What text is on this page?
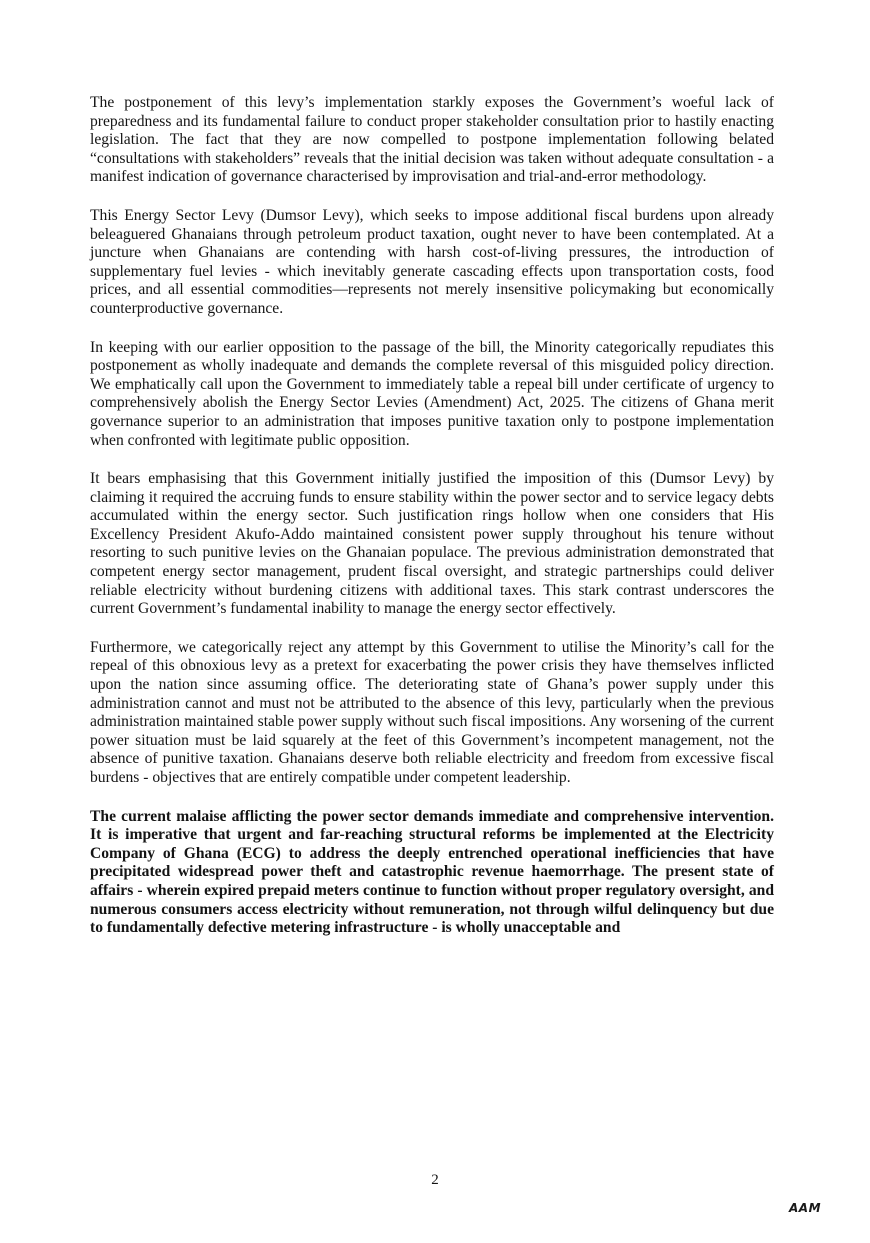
The postponement of this levy’s implementation starkly exposes the Government’s woeful lack of preparedness and its fundamental failure to conduct proper stakeholder consultation prior to hastily enacting legislation. The fact that they are now compelled to postpone implementation following belated “consultations with stakeholders” reveals that the initial decision was taken without adequate consultation - a manifest indication of governance characterised by improvisation and trial-and-error methodology.

This Energy Sector Levy (Dumsor Levy), which seeks to impose additional fiscal burdens upon already beleaguered Ghanaians through petroleum product taxation, ought never to have been contemplated. At a juncture when Ghanaians are contending with harsh cost-of-living pressures, the introduction of supplementary fuel levies - which inevitably generate cascading effects upon transportation costs, food prices, and all essential commodities—represents not merely insensitive policymaking but economically counterproductive governance.

In keeping with our earlier opposition to the passage of the bill, the Minority categorically repudiates this postponement as wholly inadequate and demands the complete reversal of this misguided policy direction. We emphatically call upon the Government to immediately table a repeal bill under certificate of urgency to comprehensively abolish the Energy Sector Levies (Amendment) Act, 2025. The citizens of Ghana merit governance superior to an administration that imposes punitive taxation only to postpone implementation when confronted with legitimate public opposition.

It bears emphasising that this Government initially justified the imposition of this (Dumsor Levy) by claiming it required the accruing funds to ensure stability within the power sector and to service legacy debts accumulated within the energy sector. Such justification rings hollow when one considers that His Excellency President Akufo-Addo maintained consistent power supply throughout his tenure without resorting to such punitive levies on the Ghanaian populace. The previous administration demonstrated that competent energy sector management, prudent fiscal oversight, and strategic partnerships could deliver reliable electricity without burdening citizens with additional taxes. This stark contrast underscores the current Government’s fundamental inability to manage the energy sector effectively.

Furthermore, we categorically reject any attempt by this Government to utilise the Minority’s call for the repeal of this obnoxious levy as a pretext for exacerbating the power crisis they have themselves inflicted upon the nation since assuming office. The deteriorating state of Ghana’s power supply under this administration cannot and must not be attributed to the absence of this levy, particularly when the previous administration maintained stable power supply without such fiscal impositions. Any worsening of the current power situation must be laid squarely at the feet of this Government’s incompetent management, not the absence of punitive taxation. Ghanaians deserve both reliable electricity and freedom from excessive fiscal burdens - objectives that are entirely compatible under competent leadership.

The current malaise afflicting the power sector demands immediate and comprehensive intervention. It is imperative that urgent and far-reaching structural reforms be implemented at the Electricity Company of Ghana (ECG) to address the deeply entrenched operational inefficiencies that have precipitated widespread power theft and catastrophic revenue haemorrhage. The present state of affairs - wherein expired prepaid meters continue to function without proper regulatory oversight, and numerous consumers access electricity without remuneration, not through wilful delinquency but due to fundamentally defective metering infrastructure - is wholly unacceptable and

2
AAM
